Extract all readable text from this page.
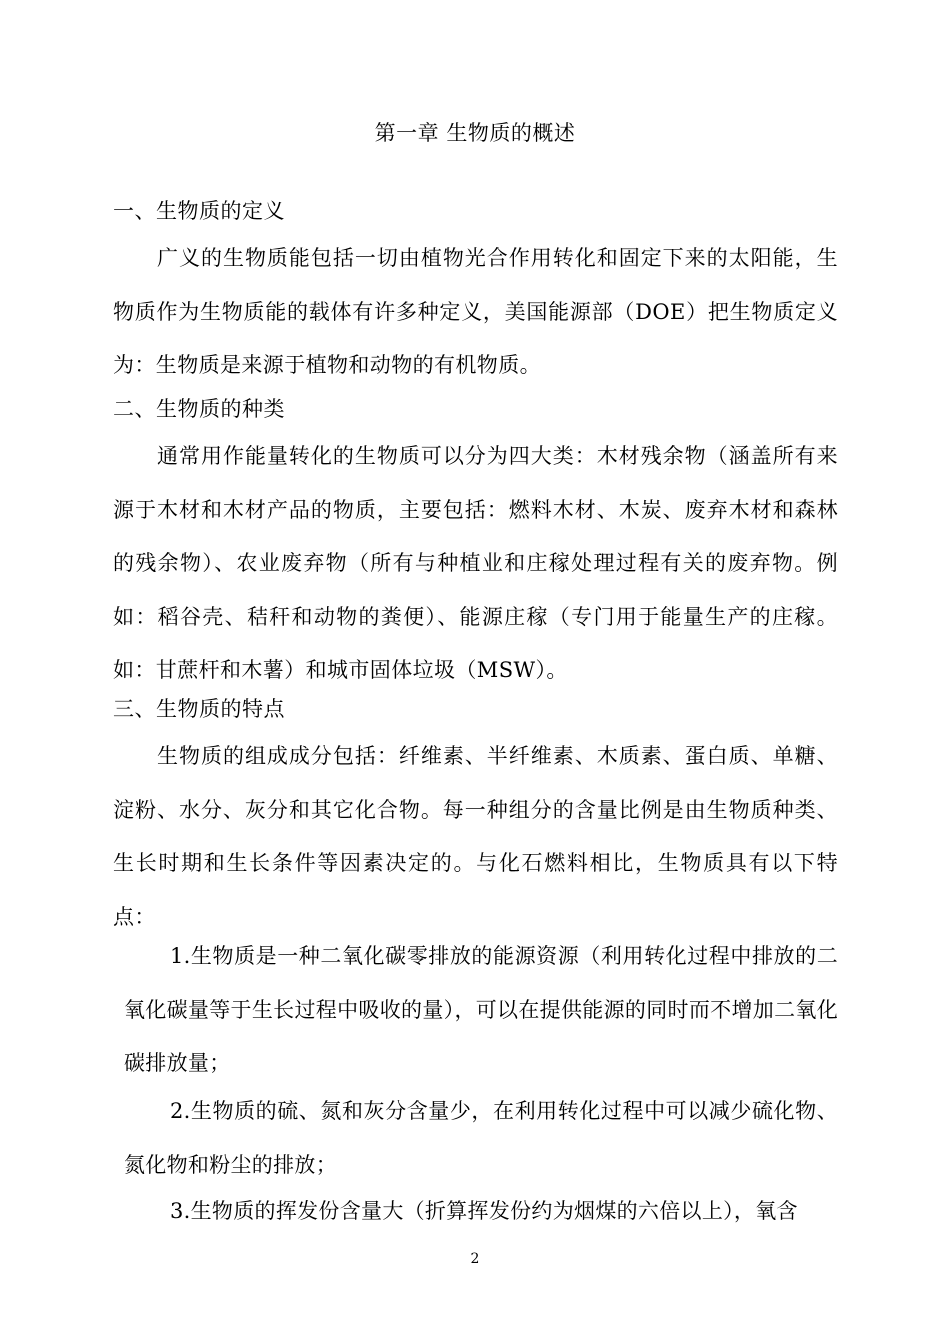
第一章 生物质的概述
一、生物质的定义
广义的生物质能包括一切由植物光合作用转化和固定下来的太阳能，生物质作为生物质能的载体有许多种定义，美国能源部（DOE）把生物质定义为：生物质是来源于植物和动物的有机物质。
二、生物质的种类
通常用作能量转化的生物质可以分为四大类：木材残余物（涵盖所有来源于木材和木材产品的物质，主要包括：燃料木材、木炭、废弃木材和森林的残余物）、农业废弃物（所有与种植业和庄稼处理过程有关的废弃物。例如：稻谷壳、秸秆和动物的粪便）、能源庄稼（专门用于能量生产的庄稼。如：甘蔗杆和木薯）和城市固体垃圾（MSW）。
三、生物质的特点
生物质的组成成分包括：纤维素、半纤维素、木质素、蛋白质、单糖、淀粉、水分、灰分和其它化合物。每一种组分的含量比例是由生物质种类、生长时期和生长条件等因素决定的。与化石燃料相比，生物质具有以下特点：
1.生物质是一种二氧化碳零排放的能源资源（利用转化过程中排放的二氧化碳量等于生长过程中吸收的量），可以在提供能源的同时而不增加二氧化碳排放量；
2.生物质的硫、氮和灰分含量少，在利用转化过程中可以减少硫化物、氮化物和粉尘的排放；
3.生物质的挥发份含量大（折算挥发份约为烟煤的六倍以上），氧含
2
